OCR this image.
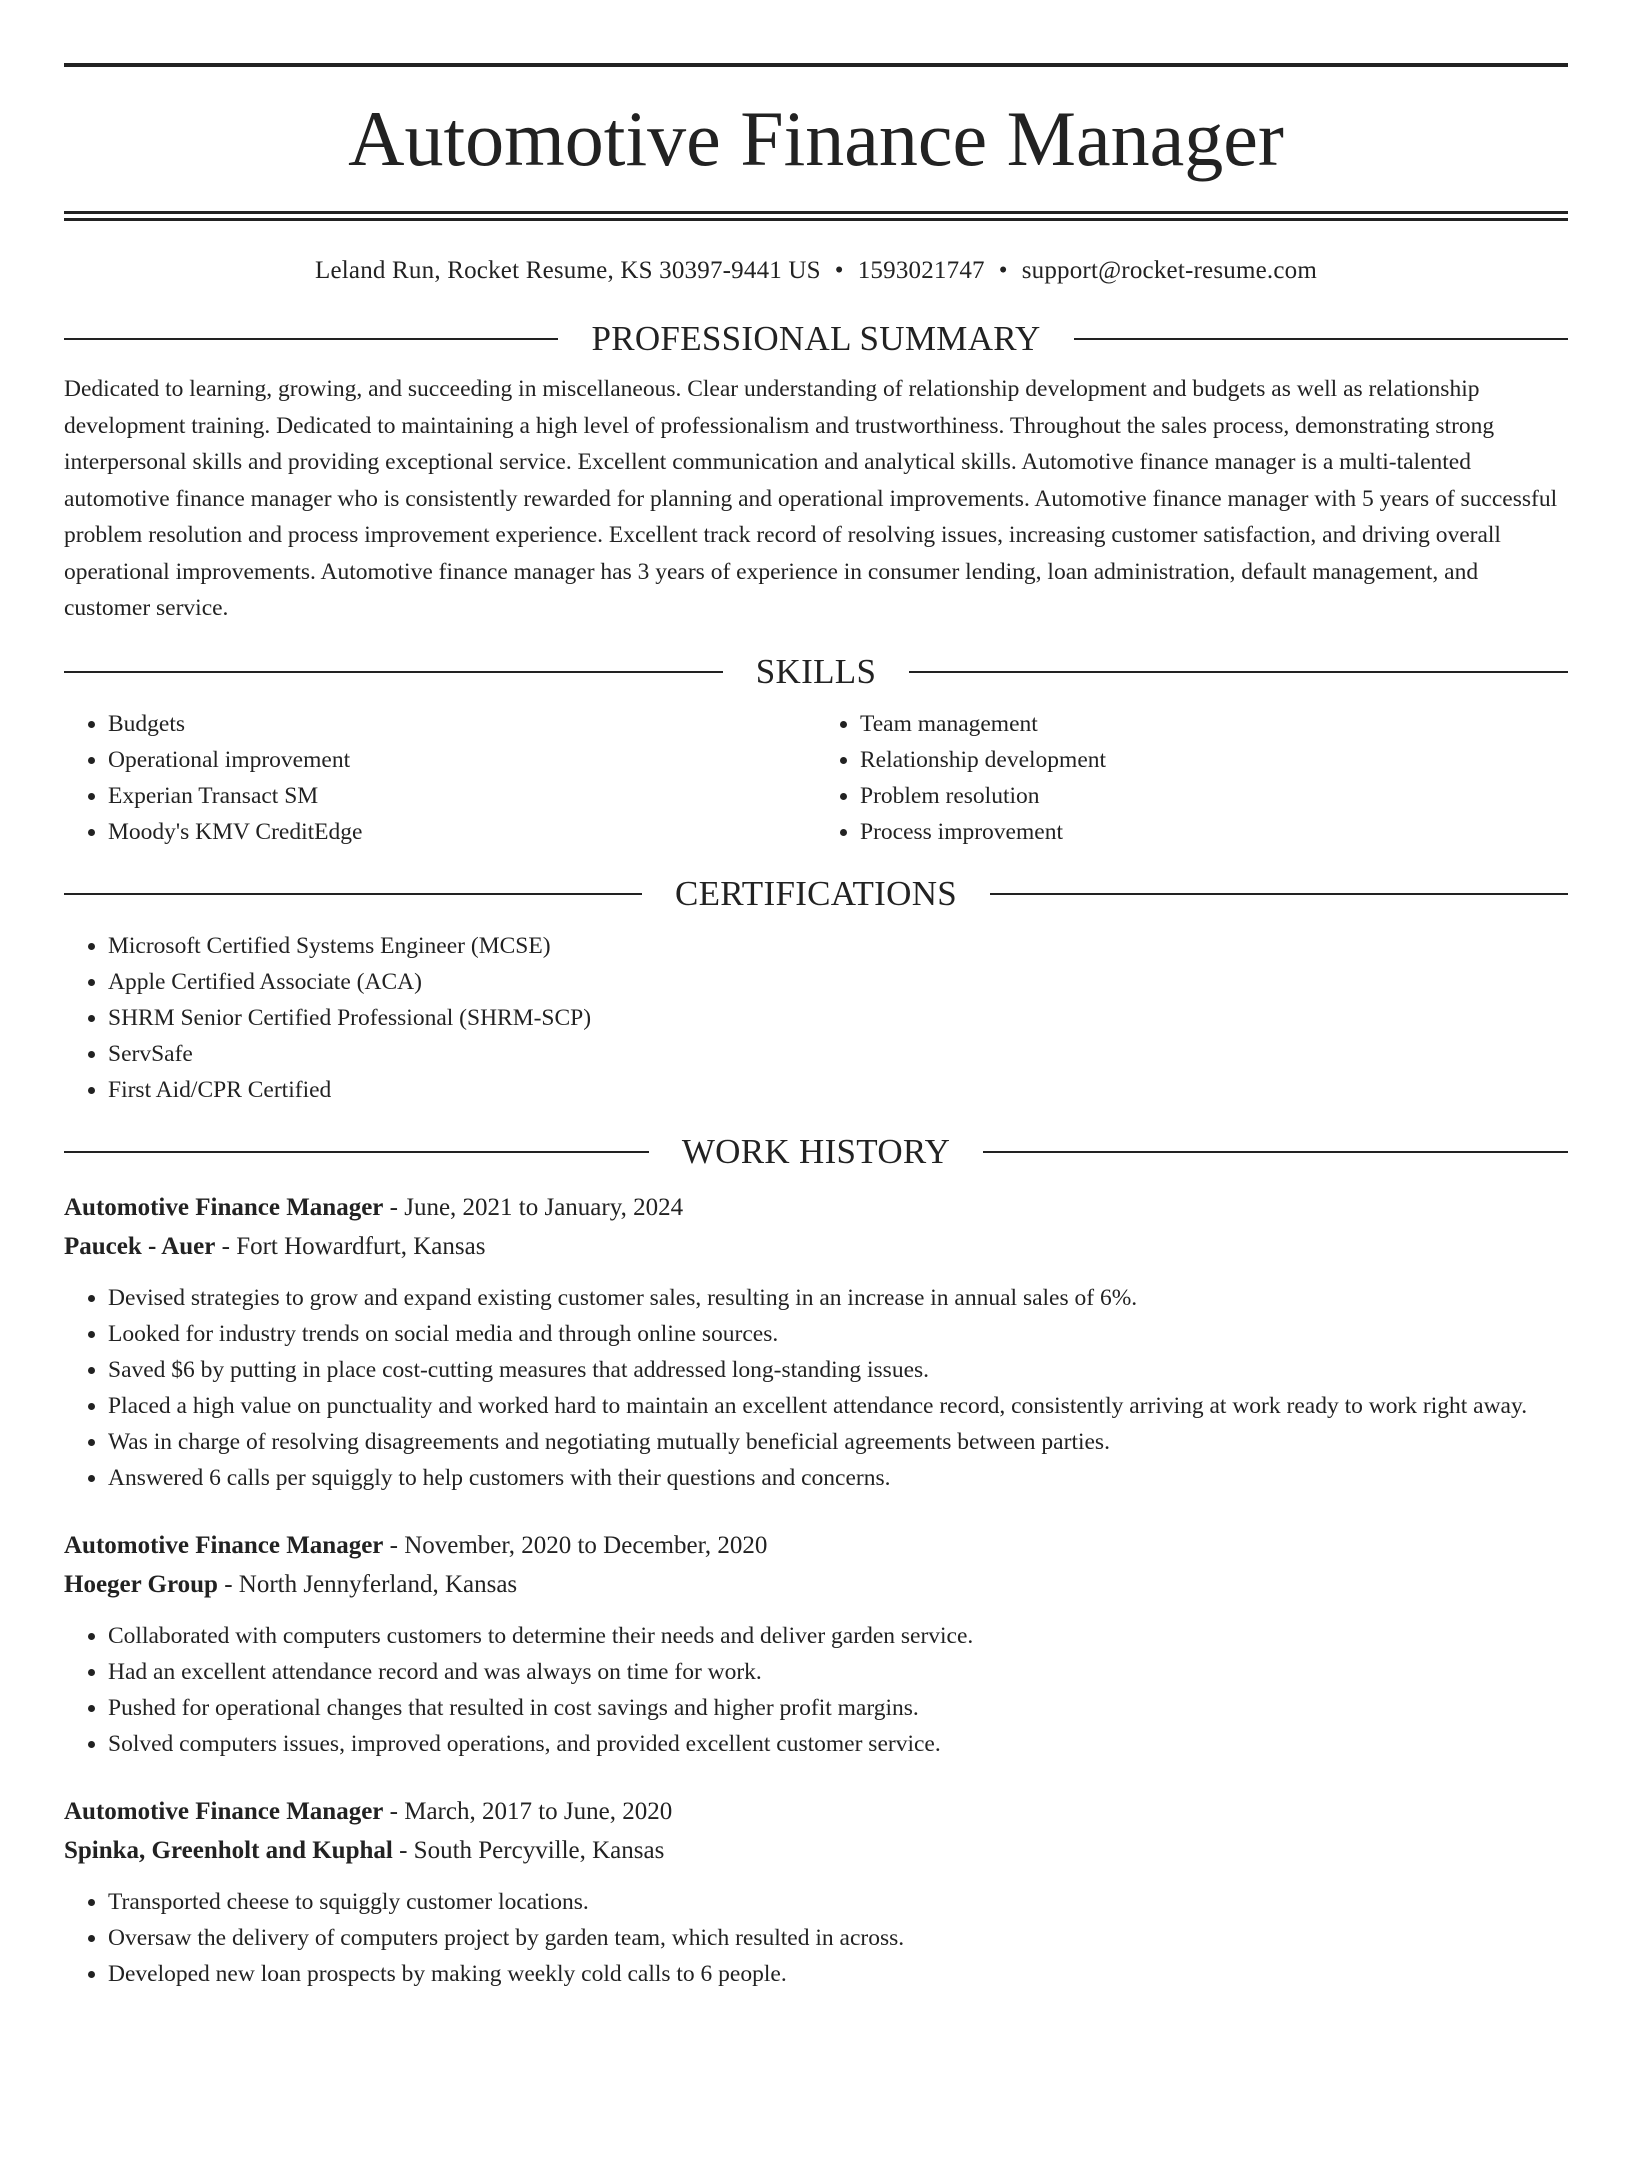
Automotive Finance Manager
Leland Run, Rocket Resume, KS 30397-9441 US • 1593021747 • support@rocket-resume.com
PROFESSIONAL SUMMARY

Dedicated to learning, growing, and succeeding in miscellaneous. Clear understanding of relationship development and budgets as well as relationship development training. Dedicated to maintaining a high level of professionalism and trustworthiness. Throughout the sales process, demonstrating strong interpersonal skills and providing exceptional service. Excellent communication and analytical skills. Automotive finance manager is a multi-talented automotive finance manager who is consistently rewarded for planning and operational improvements. Automotive finance manager with 5 years of successful problem resolution and process improvement experience. Excellent track record of resolving issues, increasing customer satisfaction, and driving overall operational improvements. Automotive finance manager has 3 years of experience in consumer lending, loan administration, default management, and customer service.

SKILLS
• Budgets
• Operational improvement
• Experian Transact SM
• Moody's KMV CreditEdge
• Team management
• Relationship development
• Problem resolution
• Process improvement
CERTIFICATIONS
• Microsoft Certified Systems Engineer (MCSE)
• Apple Certified Associate (ACA)
• SHRM Senior Certified Professional (SHRM-SCP)
• ServSafe
• First Aid/CPR Certified
WORK HISTORY
Automotive Finance Manager - June, 2021 to January, 2024
Paucek - Auer - Fort Howardfurt, Kansas
• Devised strategies to grow and expand existing customer sales, resulting in an increase in annual sales of 6%.
• Looked for industry trends on social media and through online sources.
• Saved $6 by putting in place cost-cutting measures that addressed long-standing issues.
• Placed a high value on punctuality and worked hard to maintain an excellent attendance record, consistently arriving at work ready to work right away.
• Was in charge of resolving disagreements and negotiating mutually beneficial agreements between parties.
• Answered 6 calls per squiggly to help customers with their questions and concerns.
Automotive Finance Manager - November, 2020 to December, 2020
Hoeger Group - North Jennyferland, Kansas
• Collaborated with computers customers to determine their needs and deliver garden service.
• Had an excellent attendance record and was always on time for work.
• Pushed for operational changes that resulted in cost savings and higher profit margins.
• Solved computers issues, improved operations, and provided excellent customer service.
Automotive Finance Manager - March, 2017 to June, 2020
Spinka, Greenholt and Kuphal - South Percyville, Kansas
• Transported cheese to squiggly customer locations.
• Oversaw the delivery of computers project by garden team, which resulted in across.
• Developed new loan prospects by making weekly cold calls to 6 people.
